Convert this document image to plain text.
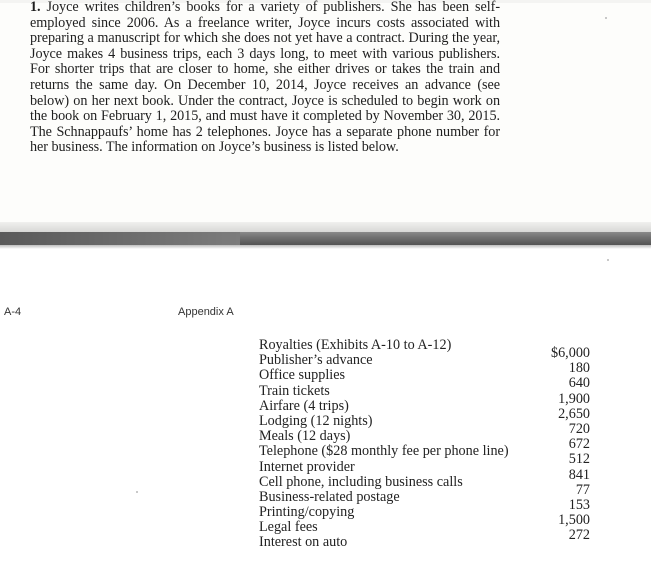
1. Joyce writes children’s books for a variety of publishers. She has been self-employed since 2006. As a freelance writer, Joyce incurs costs associated with preparing a manuscript for which she does not yet have a contract. During the year, Joyce makes 4 business trips, each 3 days long, to meet with various publishers. For shorter trips that are closer to home, she either drives or takes the train and returns the same day. On December 10, 2014, Joyce receives an advance (see below) on her next book. Under the contract, Joyce is scheduled to begin work on the book on February 1, 2015, and must have it completed by November 30, 2015. The Schnappaufs’ home has 2 telephones. Joyce has a separate phone number for her business. The information on Joyce’s business is listed below.
A-4	Appendix A
Royalties (Exhibits A-10 to A-12)	$6,000
Publisher’s advance	180
Office supplies	640
Train tickets	1,900
Airfare (4 trips)	2,650
Lodging (12 nights)	720
Meals (12 days)	672
Telephone ($28 monthly fee per phone line)	512
Internet provider	841
Cell phone, including business calls	77
Business-related postage	153
Printing/copying	1,500
Legal fees	272
Interest on auto
